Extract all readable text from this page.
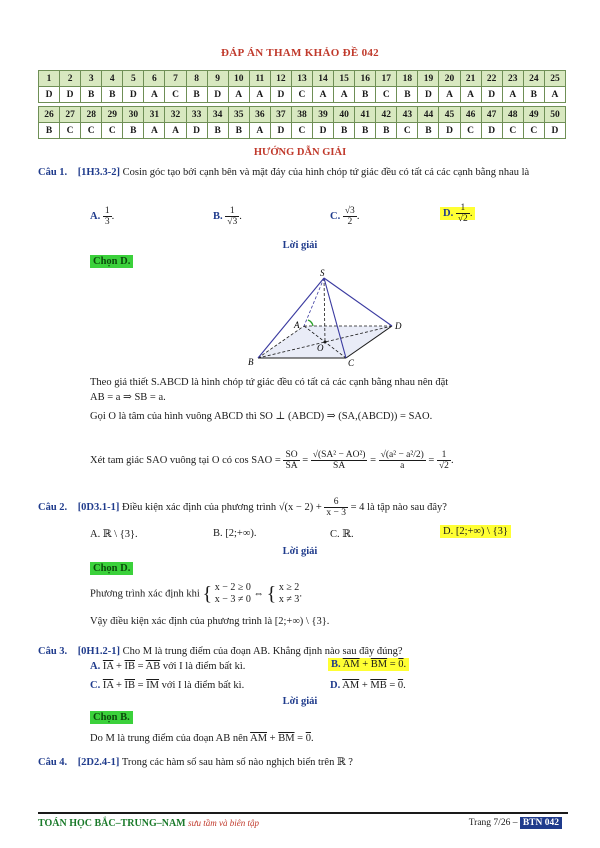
ĐÁP ÁN THAM KHẢO ĐỀ 042
1	2	3	4	5	6	7	8	9	10	11	12	13	14	15	16	17	18	19	20	21	22	23	24	25
D	D	B	B	D	A	C	B	D	A	A	D	C	A	A	B	C	B	D	A	A	D	A	B	A
26	27	28	29	30	31	32	33	34	35	36	37	38	39	40	41	42	43	44	45	46	47	48	49	50
B	C	C	C	B	A	A	D	B	B	A	D	C	D	B	B	B	C	B	D	C	D	C	C	D
HƯỚNG DẪN GIẢI
Câu 1. [1H3.3-2] Cosin góc tạo bởi cạnh bên và mặt đáy của hình chóp tứ giác đều có tất cả các cạnh bằng nhau là
A. $\frac{1}{3}$ .	B. $\frac{1}{√3}$ .	C. $\frac{√3}{2}$ .	D. $\frac{1}{√2}$ .
Lời giải
Chọn D.
S
A
B	C
D
O
Theo giả thiết S.ABCD là hình chóp tứ giác đều có tất cả các cạnh bằng nhau nên đặt
AB = a ⇒ SB = a.
Gọi O là tâm của hình vuông ABCD thì SO ⊥ (ABCD) ⇒ (SA,(ABCD)) = SAO.
Xét tam giác SAO vuông tại O có cos SAO = $\frac{SO}{SA} = \frac{\text{√(SA² − AO²)}}{SA} = \frac{\text{√(a² − a²/2)}}{a} = \frac{1}{√2}$ .
Câu 2. [0D3.1-1] Điều kiện xác định của phương trình $√(x - 2) + \frac{6}{x - 3} = 4$ là tập nào sau đây?
A. ℝ \ {3}.	B. [2;+∞).	C. ℝ.	D. [2;+∞) \ {3}
Lời giải
Chọn D.
Phương trình xác định khi { x − 2 ≥ 0
x − 3 ≠ 0 ⇔ { x ≥ 2
x ≠ 3.
Vậy điều kiện xác định của phương trình là [2;+∞) \ {3}.
Câu 3. [0H1.2-1] Cho M là trung điểm của đoạn AB. Khẳng định nào sau đây đúng?
A. $\overline{IA} + \overline{IB} = \overline{AB}$ với I là điểm bất kì.	B. $\overline{AM} + \overline{BM} = 0$.
C. $\overline{IA} + \overline{IB} = \overline{IM}$ với I là điểm bất kì.	D. $\overline{AM} + \overline{MB} = 0$.
Lời giải
Chọn B.
Do M là trung điểm của đoạn AB nên $\overline{AM} + \overline{BM} = 0$.
Câu 4. [2D2.4-1] Trong các hàm số sau hàm số nào nghịch biến trên ℝ ?
TOÁN HỌC BẮC–TRUNG–NAM sưu tầm và biên tập	Trang 7/26 – BTN 042
